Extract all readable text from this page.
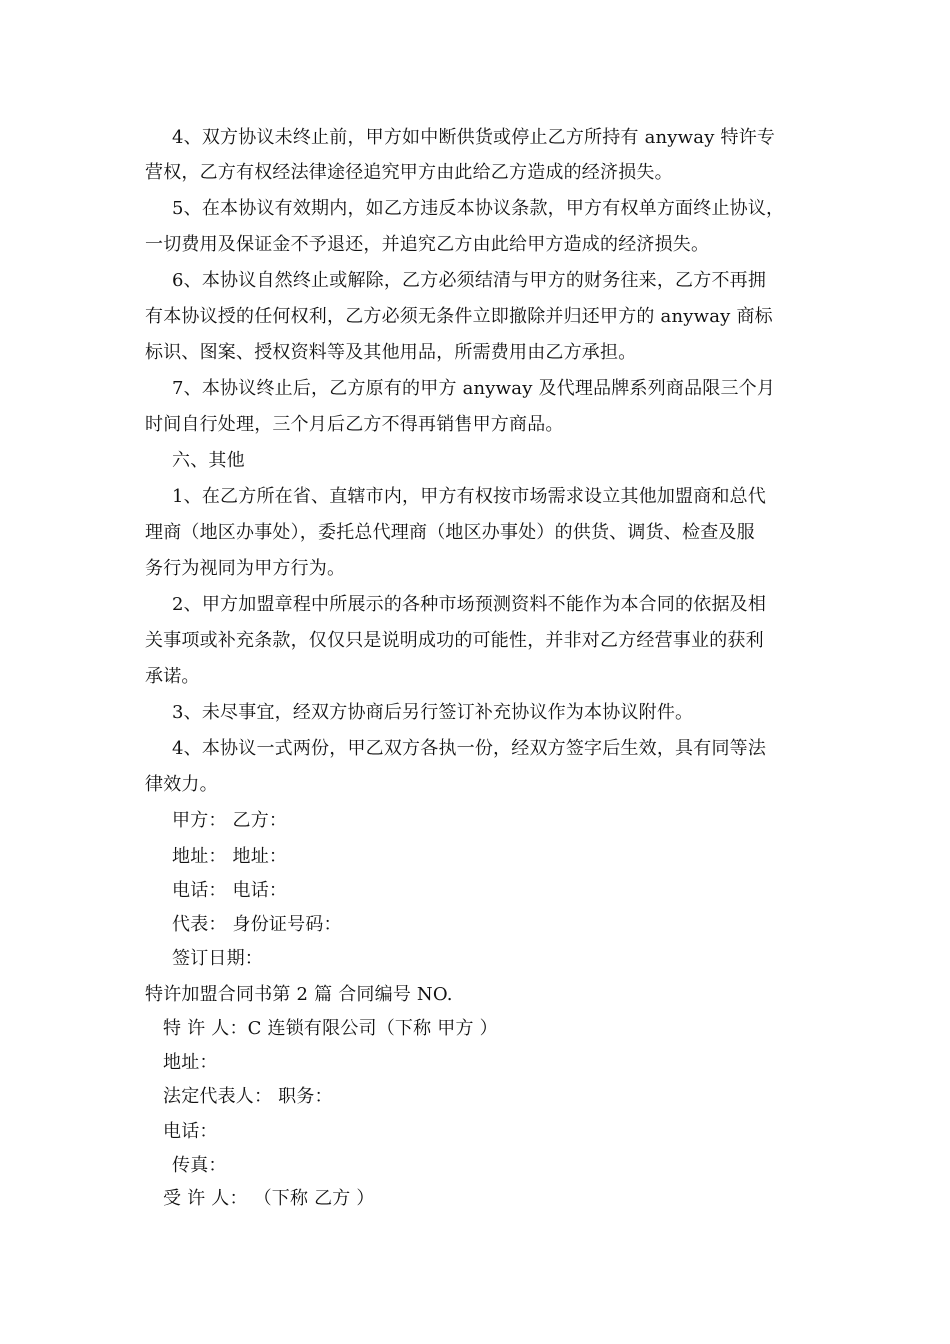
4、双方协议未终止前，甲方如中断供货或停止乙方所持有 anyway 特许专
营权，乙方有权经法律途径追究甲方由此给乙方造成的经济损失。
5、在本协议有效期内，如乙方违反本协议条款，甲方有权单方面终止协议，
一切费用及保证金不予退还，并追究乙方由此给甲方造成的经济损失。
6、本协议自然终止或解除，乙方必须结清与甲方的财务往来，乙方不再拥
有本协议授的任何权利，乙方必须无条件立即撤除并归还甲方的 anyway 商标
标识、图案、授权资料等及其他用品，所需费用由乙方承担。
7、本协议终止后，乙方原有的甲方 anyway 及代理品牌系列商品限三个月
时间自行处理，三个月后乙方不得再销售甲方商品。
六、其他
1、在乙方所在省、直辖市内，甲方有权按市场需求设立其他加盟商和总代
理商（地区办事处），委托总代理商（地区办事处）的供货、调货、检查及服
务行为视同为甲方行为。
2、甲方加盟章程中所展示的各种市场预测资料不能作为本合同的依据及相
关事项或补充条款，仅仅只是说明成功的可能性，并非对乙方经营事业的获利
承诺。
3、未尽事宜，经双方协商后另行签订补充协议作为本协议附件。
4、本协议一式两份，甲乙双方各执一份，经双方签字后生效，具有同等法
律效力。
甲方： 乙方：
地址： 地址：
电话： 电话：
代表： 身份证号码：
签订日期：
特许加盟合同书第 2 篇 合同编号 NO.
特 许 人：C 连锁有限公司（下称 甲方 ）
地址：
法定代表人： 职务：
电话：
传真：
受 许 人： （下称 乙方 ）
